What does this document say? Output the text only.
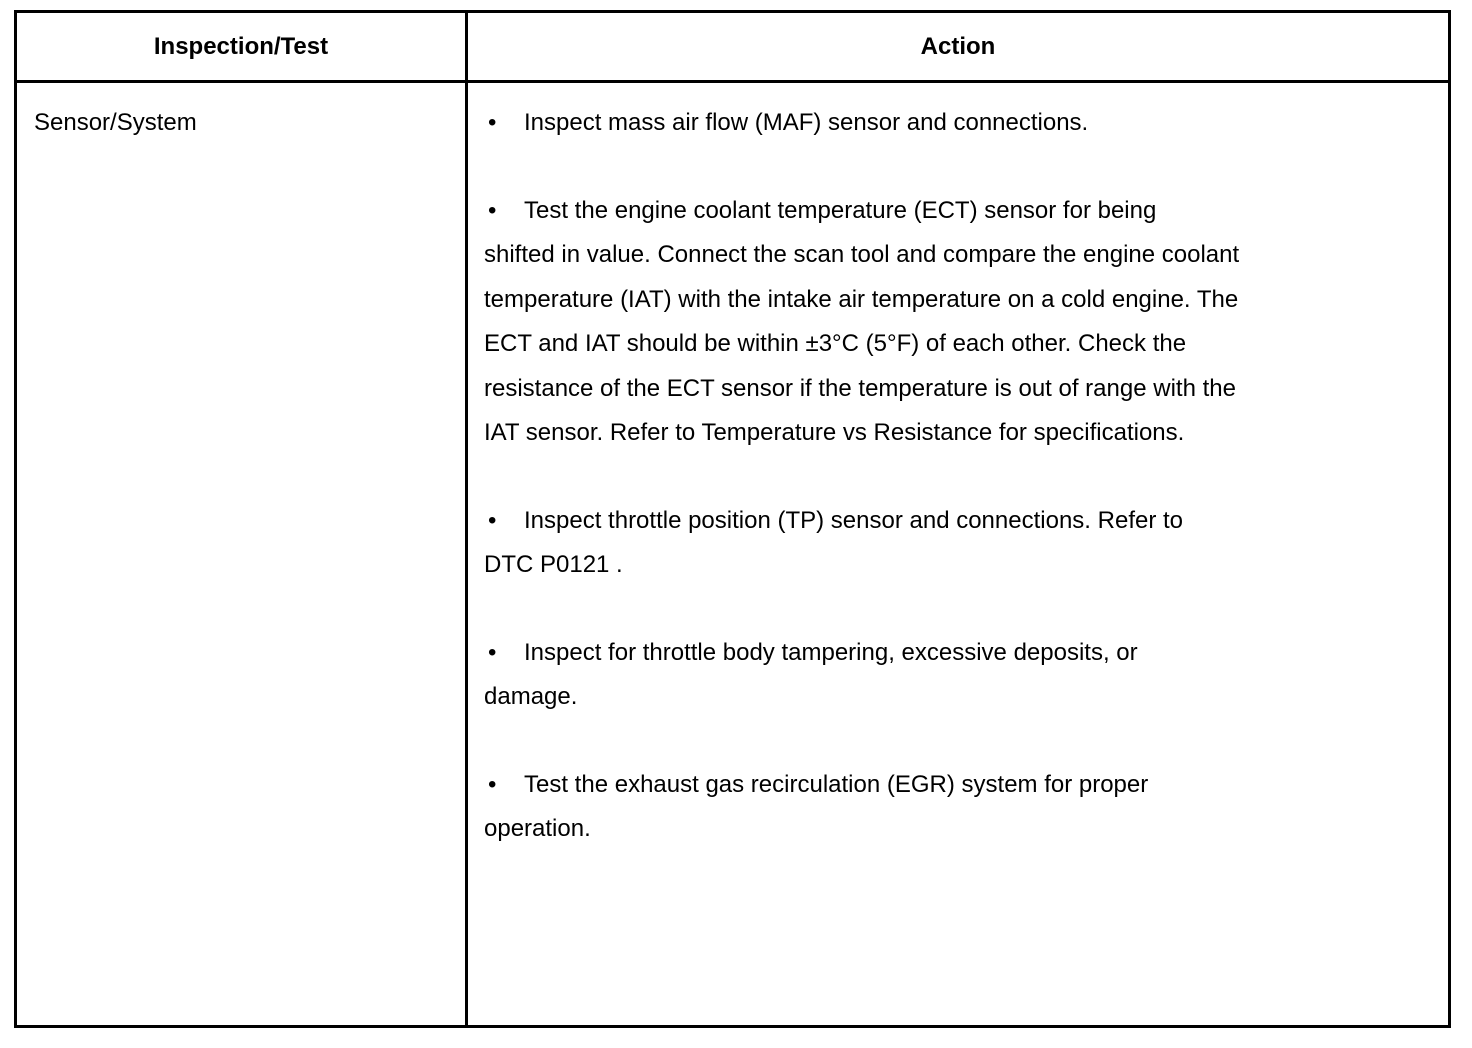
Inspection/Test	Action
Sensor/System	• Inspect mass air flow (MAF) sensor and connections.
• Test the engine coolant temperature (ECT) sensor for being
shifted in value. Connect the scan tool and compare the engine coolant
temperature (IAT) with the intake air temperature on a cold engine. The
ECT and IAT should be within ±3°C (5°F) of each other. Check the
resistance of the ECT sensor if the temperature is out of range with the
IAT sensor. Refer to Temperature vs Resistance for specifications.
• Inspect throttle position (TP) sensor and connections. Refer to
DTC P0121 .
• Inspect for throttle body tampering, excessive deposits, or
damage.
• Test the exhaust gas recirculation (EGR) system for proper
operation.
